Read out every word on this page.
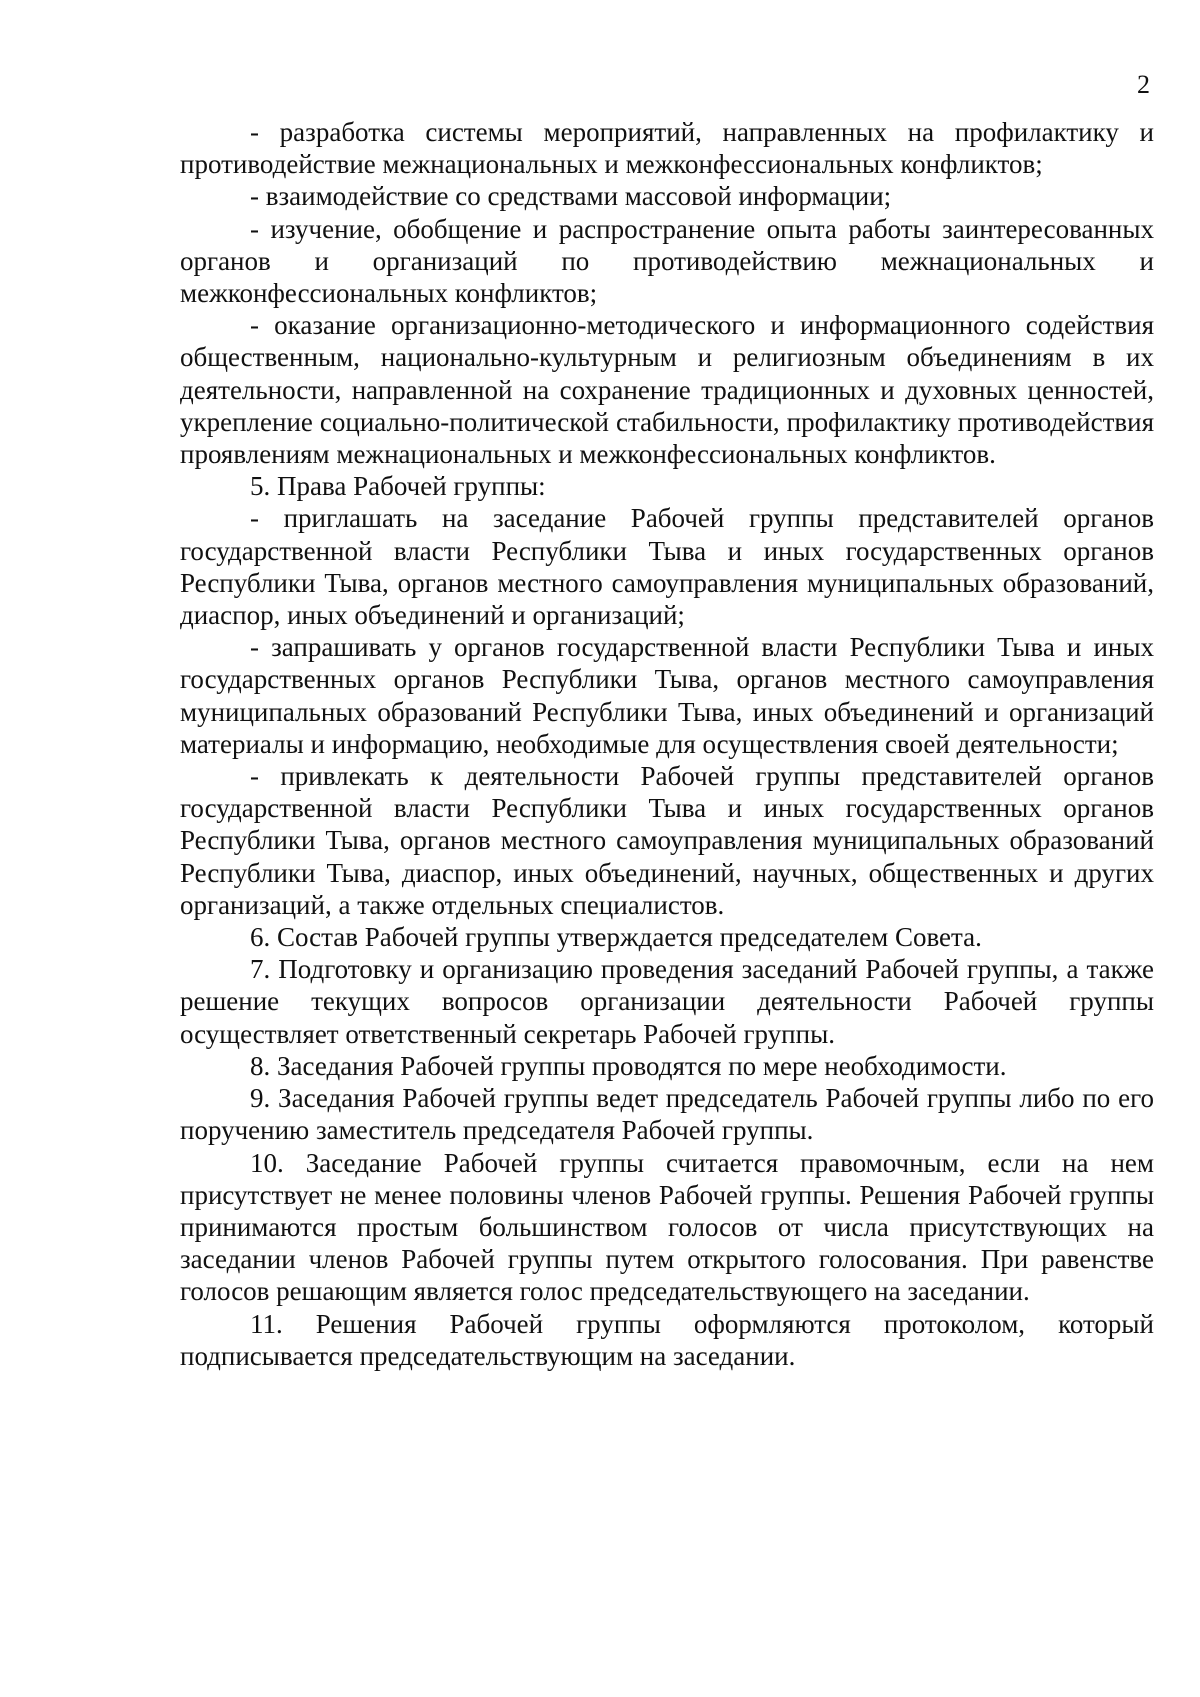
2

- разработка системы мероприятий, направленных на профилактику и противодействие межнациональных и межконфессиональных конфликтов;

- взаимодействие со средствами массовой информации;

- изучение, обобщение и распространение опыта работы заинтересованных органов и организаций по противодействию межнациональных и межконфессиональных конфликтов;

- оказание организационно-методического и информационного содействия общественным, национально-культурным и религиозным объединениям в их деятельности, направленной на сохранение традиционных и духовных ценностей, укрепление социально-политической стабильности, профилактику противодействия проявлениям межнациональных и межконфессиональных конфликтов.

5. Права Рабочей группы:

- приглашать на заседание Рабочей группы представителей органов государственной власти Республики Тыва и иных государственных органов Республики Тыва, органов местного самоуправления муниципальных образований, диаспор, иных объединений и организаций;

- запрашивать у органов государственной власти Республики Тыва и иных государственных органов Республики Тыва, органов местного самоуправления муниципальных образований Республики Тыва, иных объединений и организаций материалы и информацию, необходимые для осуществления своей деятельности;

- привлекать к деятельности Рабочей группы представителей органов государственной власти Республики Тыва и иных государственных органов Республики Тыва, органов местного самоуправления муниципальных образований Республики Тыва, диаспор, иных объединений, научных, общественных и других организаций, а также отдельных специалистов.

6. Состав Рабочей группы утверждается председателем Совета.

7. Подготовку и организацию проведения заседаний Рабочей группы, а также решение текущих вопросов организации деятельности Рабочей группы осуществляет ответственный секретарь Рабочей группы.

8. Заседания Рабочей группы проводятся по мере необходимости.

9. Заседания Рабочей группы ведет председатель Рабочей группы либо по его поручению заместитель председателя Рабочей группы.

10. Заседание Рабочей группы считается правомочным, если на нем присутствует не менее половины членов Рабочей группы. Решения Рабочей группы принимаются простым большинством голосов от числа присутствующих на заседании членов Рабочей группы путем открытого голосования. При равенстве голосов решающим является голос председательствующего на заседании.

11. Решения Рабочей группы оформляются протоколом, который подписывается председательствующим на заседании.
